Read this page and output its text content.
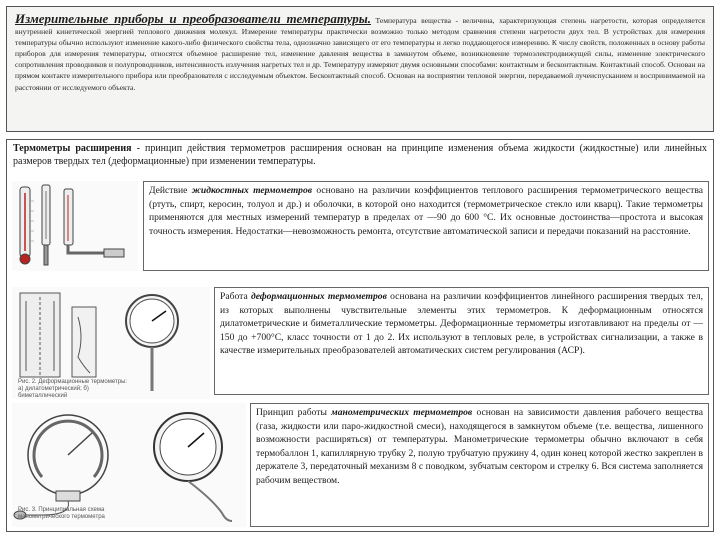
Измерительные приборы и преобразователи температуры. Температура вещества - величина, характеризующая степень нагретости, которая определяется внутренней кинетической энергией теплового движения молекул. Измерение температуры практически возможно только методом сравнения степени нагретости двух тел. В устройствах для измерения температуры обычно используют изменение какого-либо физического свойства тела, однозначно зависящего от его температуры и легко поддающегося измерению. К числу свойств, положенных в основу работы приборов для измерения температуры, относятся объемное расширение тел, изменение давления вещества в замкнутом объеме, возникновение термоэлектродвижущей силы, изменение электрического сопротивления проводников и полупроводников, интенсивность излучения нагретых тел и др. Температуру измеряют двумя основными способами: контактным и бесконтактным. Контактный способ. Основан на прямом контакте измерительного прибора или преобразователя с исследуемым объектом. Бесконтактный способ. Основан на восприятии тепловой энергии, передаваемой лучеиспусканием и воспринимаемой на расстоянии от исследуемого объекта.

Термометры расширения - принцип действия термометров расширения основан на принципе изменения объема жидкости (жидкостные) или линейных размеров твердых тел (деформационные) при изменении температуры.

Действие жидкостных термометров основано на различии коэффициентов теплового расширения термометрического вещества (ртуть, спирт, керосин, толуол и др.) и оболочки, в которой оно находится (термометрическое стекло или кварц). Такие термометры применяются для местных измерений температур в пределах от —90 до 600 °С. Их основные достоинства—простота и высокая точность измерения. Недостатки—невозможность ремонта, отсутствие автоматической записи и передачи показаний на расстояние.
Рис. 2. Деформационные термометры: а) дилатометрический; б) биметаллический
Работа деформационных термометров основана на различии коэффициентов линейного расширения твердых тел, из которых выполнены чувствительные элементы этих термометров. К деформационным относятся дилатометрические и биметаллические термометры. Деформационные термометры изготавливают на пределы от —150 до +700°С, класс точности от 1 до 2. Их используют в тепловых реле, в устройствах сигнализации, а также в качестве измерительных преобразователей автоматических систем регулирования (АСР).
Рис. 3. Принципиальная схема манометрического термометра
Принцип работы манометрических термометров основан на зависимости давления рабочего вещества (газа, жидкости или паро-жидкостной смеси), находящегося в замкнутом объеме (т.е. вещества, лишенного возможности расширяться) от температуры. Манометрические термометры обычно включают в себя термобаллон 1, капиллярную трубку 2, полую трубчатую пружину 4, один конец которой жестко закреплен в держателе 3, передаточный механизм 8 с поводком, зубчатым сектором и стрелку 6. Вся система заполняется рабочим веществом.
